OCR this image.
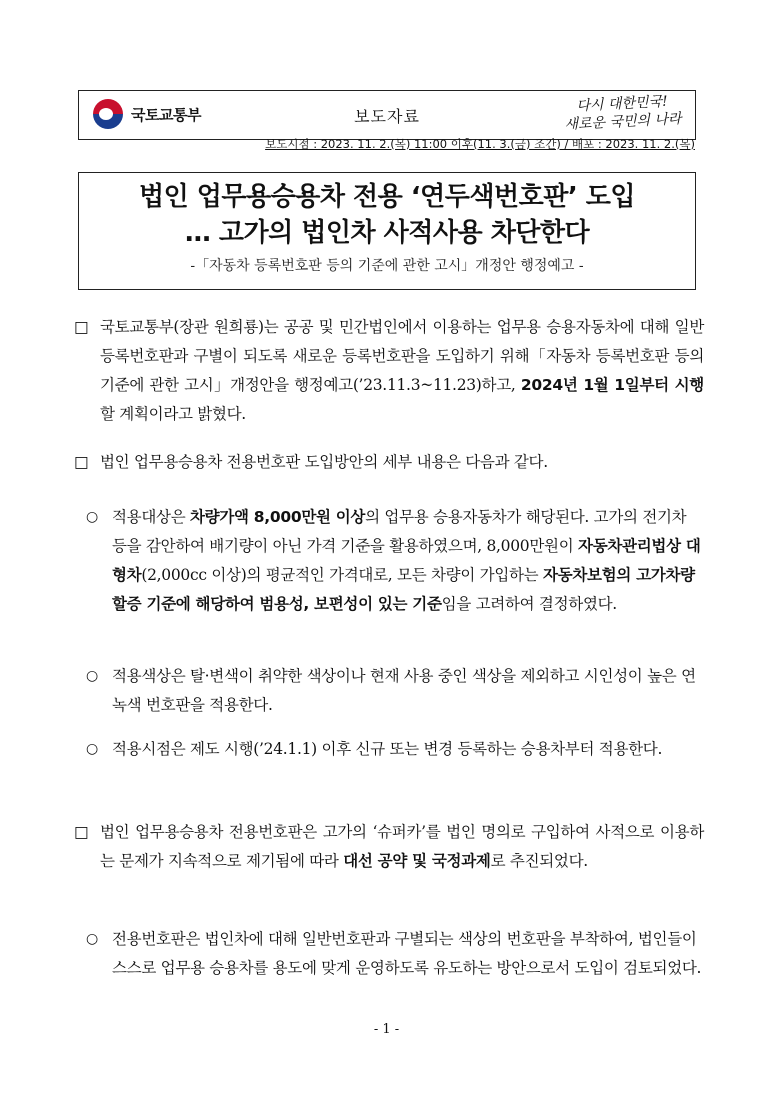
국토교통부	보도자료
다시 대한민국!
새로운 국민의 나라
보도시점 : 2023. 11. 2.(목) 11:00 이후(11. 3.(금) 조간) / 배포 : 2023. 11. 2.(목)
법인 업무용승용차 전용 ‘연두색번호판’ 도입
… 고가의 법인차 사적사용 차단한다
-「자동차 등록번호판 등의 기준에 관한 고시」개정안 행정예고 -
□ 국토교통부(장관 원희룡)는 공공 및 민간법인에서 이용하는 업무용 승용자동차에 대해 일반 등록번호판과 구별이 되도록 새로운 등록번호판을 도입하기 위해「자동차 등록번호판 등의 기준에 관한 고시」개정안을 행정예고(’23.11.3~11.23)하고, 2024년 1월 1일부터 시행할 계획이라고 밝혔다.
□ 법인 업무용승용차 전용번호판 도입방안의 세부 내용은 다음과 같다.
○ 적용대상은 차량가액 8,000만원 이상의 업무용 승용자동차가 해당된다. 고가의 전기차 등을 감안하여 배기량이 아닌 가격 기준을 활용하였으며, 8,000만원이 자동차관리법상 대형차(2,000cc 이상)의 평균적인 가격대로, 모든 차량이 가입하는 자동차보험의 고가차량 할증 기준에 해당하여 범용성, 보편성이 있는 기준임을 고려하여 결정하였다.
○ 적용색상은 탈·변색이 취약한 색상이나 현재 사용 중인 색상을 제외하고 시인성이 높은 연녹색 번호판을 적용한다.
○ 적용시점은 제도 시행(’24.1.1) 이후 신규 또는 변경 등록하는 승용차부터 적용한다.
□ 법인 업무용승용차 전용번호판은 고가의 ‘슈퍼카’를 법인 명의로 구입하여 사적으로 이용하는 문제가 지속적으로 제기됨에 따라 대선 공약 및 국정과제로 추진되었다.
○ 전용번호판은 법인차에 대해 일반번호판과 구별되는 색상의 번호판을 부착하여, 법인들이 스스로 업무용 승용차를 용도에 맞게 운영하도록 유도하는 방안으로서 도입이 검토되었다.
- 1 -
